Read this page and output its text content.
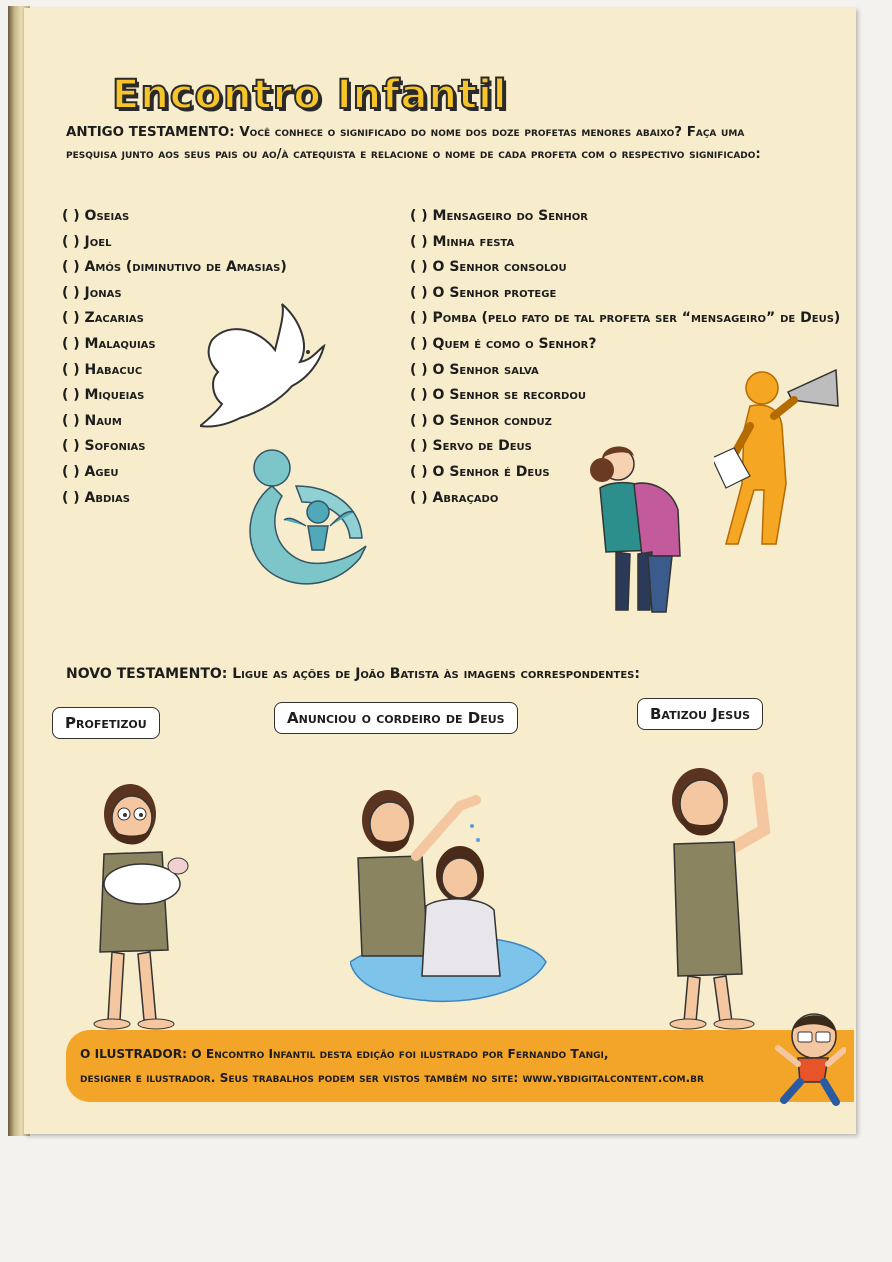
Encontro Infantil
ANTIGO TESTAMENTO: Você conhece o significado do nome dos doze profetas menores abaixo? Faça uma pesquisa junto aos seus pais ou ao/à catequista e relacione o nome de cada profeta com o respectivo significado:
( ) Oseias
( ) Joel
( ) Amós (diminutivo de Amasias)
( ) Jonas
( ) Zacarias
( ) Malaquias
( ) Habacuc
( ) Miqueias
( ) Naum
( ) Sofonias
( ) Ageu
( ) Abdias
( ) Mensageiro do Senhor
( ) Minha festa
( ) O Senhor consolou
( ) O Senhor protege
( ) Pomba (pelo fato de tal profeta ser “mensageiro” de Deus)
( ) Quem é como o Senhor?
( ) O Senhor salva
( ) O Senhor se recordou
( ) O Senhor conduz
( ) Servo de Deus
( ) O Senhor é Deus
( ) Abraçado
NOVO TESTAMENTO: Ligue as ações de João Batista às imagens correspondentes:
Profetizou	Anunciou o cordeiro de Deus	Batizou Jesus
O ILUSTRADOR: O Encontro Infantil desta edição foi ilustrado por Fernando Tangi,
designer e ilustrador. Seus trabalhos podem ser vistos também no site: www.ybdigitalcontent.com.br
